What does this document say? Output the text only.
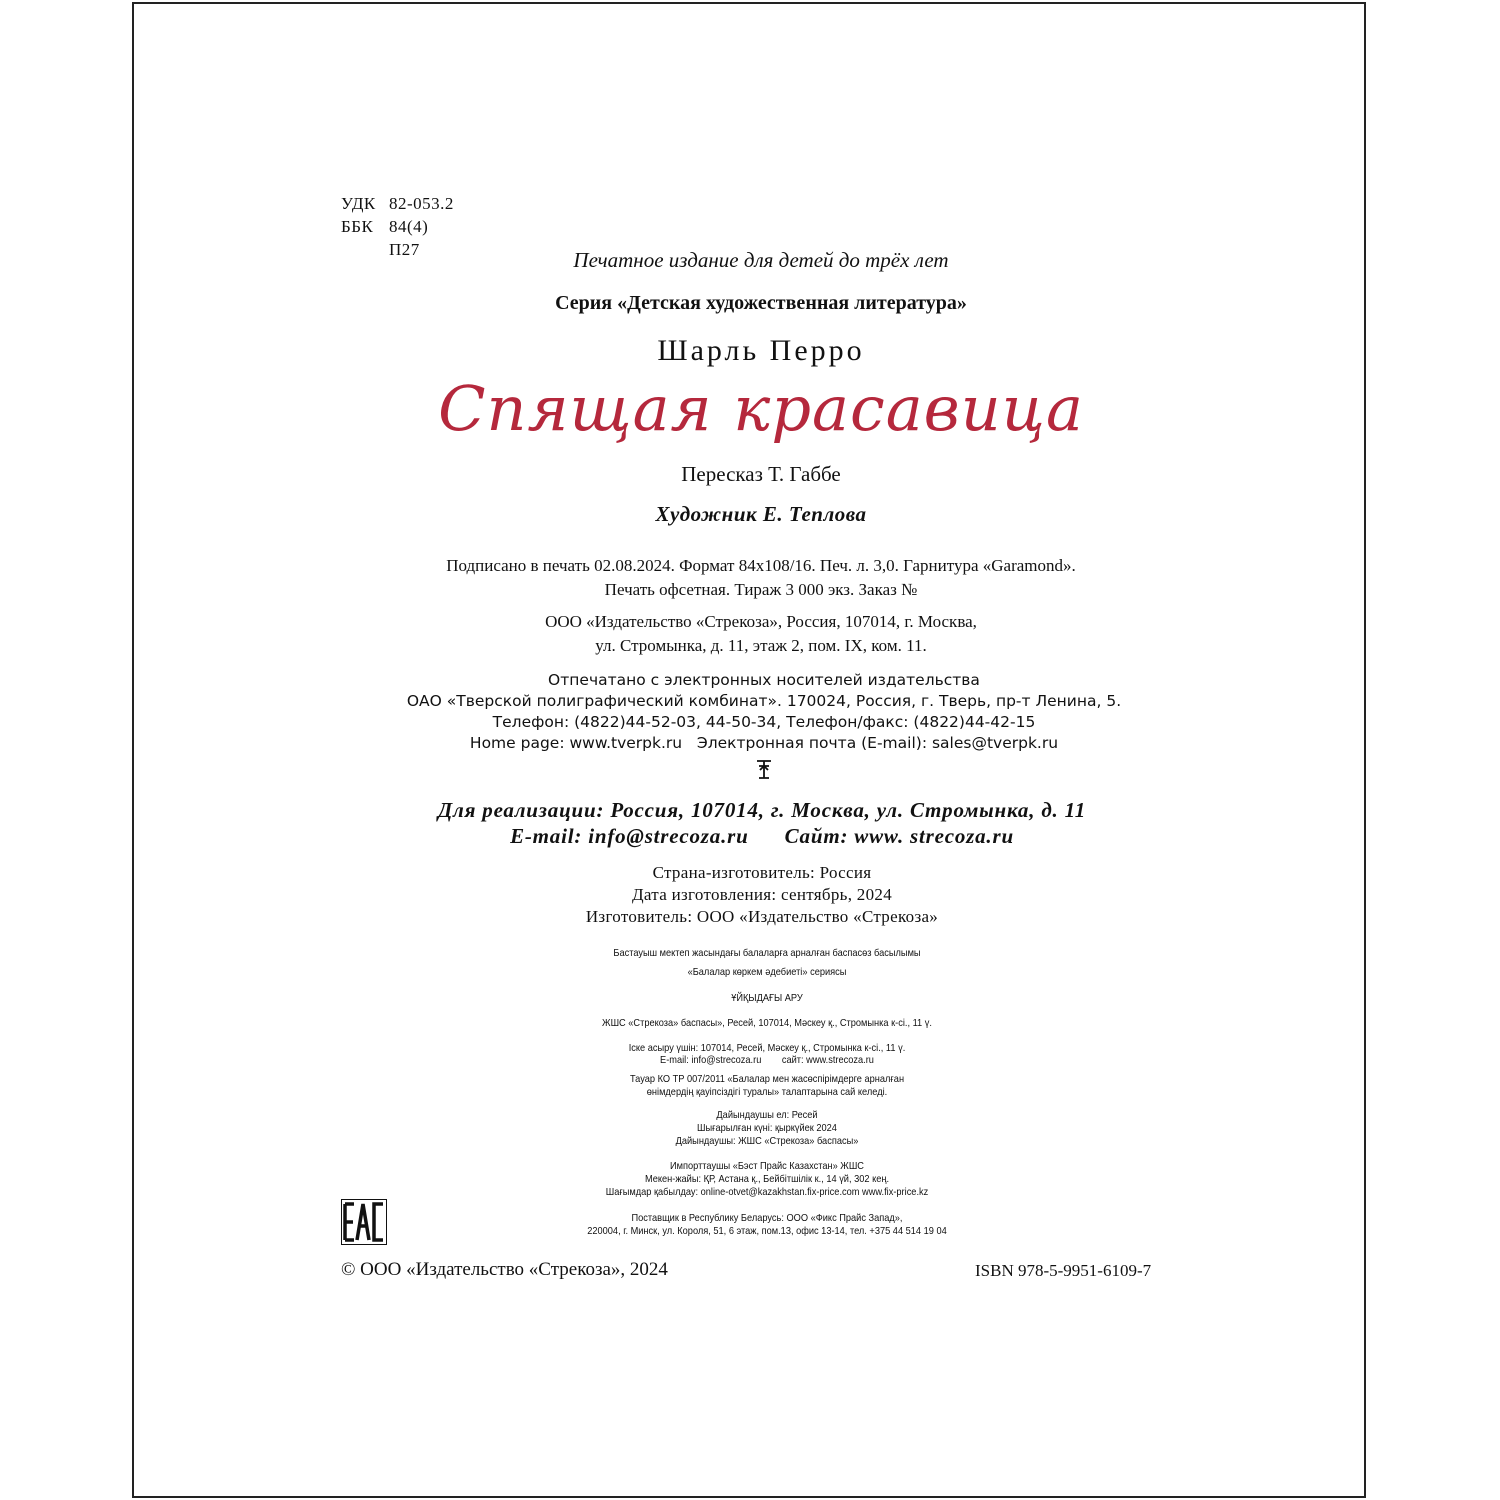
УДК 82-053.2
ББК 84(4)
П27	Печатное издание для детей до трёх лет
Серия «Детская художественная литература»
Шарль Перро
Спящая красавица
Пересказ Т. Габбе
Художник Е. Теплова
Подписано в печать 02.08.2024. Формат 84х108/16. Печ. л. 3,0. Гарнитура «Garamond».
Печать офсетная. Тираж 3 000 экз. Заказ №
ООО «Издательство «Стрекоза», Россия, 107014, г. Москва,
ул. Стромынка, д. 11, этаж 2, пом. IX, ком. 11.
Отпечатано с электронных носителей издательства
ОАО «Тверской полиграфический комбинат». 170024, Россия, г. Тверь, пр-т Ленина, 5.
Телефон: (4822)44-52-03, 44-50-34, Телефон/факс: (4822)44-42-15
Home page: www.tverpk.ru   Электронная почта (E-mail): sales@tverpk.ru
Для реализации: Россия, 107014, г. Москва, ул. Стромынка, д. 11
E-mail: info@strecoza.ru Сайт: www. strecoza.ru
Страна-изготовитель: Россия
Дата изготовления: сентябрь, 2024
Изготовитель: ООО «Издательство «Стрекоза»
Бастауыш мектеп жасындағы балаларға арналған баспасөз басылымы
«Балалар көркем әдебиеті» сериясы
ҰЙҚЫДАҒЫ АРУ
ЖШС «Стрекоза» баспасы», Ресей, 107014, Мәскеу қ., Стромынка к-сі., 11 ү.
Іске асыру үшін: 107014, Ресей, Мәскеу қ., Стромынка к-сі., 11 ү.
E-mail: info@strecoza.ru        сайт: www.strecoza.ru
Тауар КО ТР 007/2011 «Балалар мен жасөспірімдерге арналған
өнімдердің қауіпсіздігі туралы» талаптарына сай келеді.
Дайындаушы ел: Ресей
Шығарылған күні: қыркүйек 2024
Дайындаушы: ЖШС «Стрекоза» баспасы»
Импорттаушы «Бэст Прайс Казахстан» ЖШС
Мекен-жайы: ҚР, Астана қ., Бейбітшілік к., 14 үй, 302 кең.
Шағымдар қабылдау: online-otvet@kazakhstan.fix-price.com www.fix-price.kz
Поставщик в Республику Беларусь: ООО «Фикс Прайс Запад»,
220004, г. Минск, ул. Короля, 51, 6 этаж, пом.13, офис 13-14, тел. +375 44 514 19 04
© ООО «Издательство «Стрекоза», 2024	ISBN 978-5-9951-6109-7
